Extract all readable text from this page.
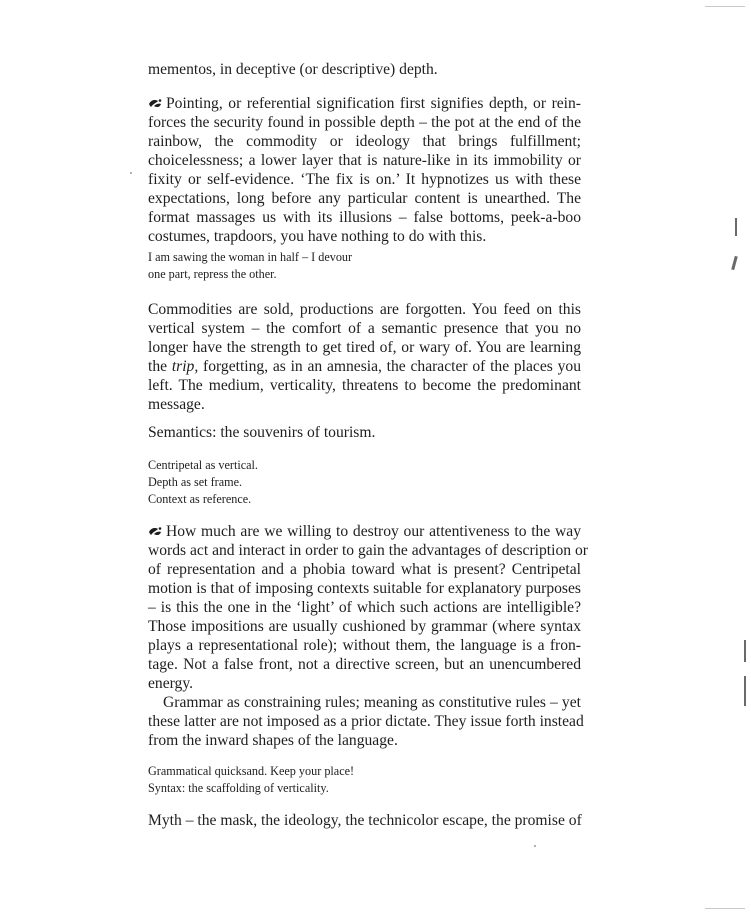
mementos, in deceptive (or descriptive) depth.
Pointing, or referential signification first signifies depth, or rein-
forces the security found in possible depth – the pot at the end of the
rainbow, the commodity or ideology that brings fulfillment;
choicelessness; a lower layer that is nature-like in its immobility or
fixity or self-evidence. ‘The fix is on.’ It hypnotizes us with these
expectations, long before any particular content is unearthed. The
format massages us with its illusions – false bottoms, peek-a-boo
costumes, trapdoors, you have nothing to do with this.
I am sawing the woman in half – I devour
one part, repress the other.
Commodities are sold, productions are forgotten. You feed on this
vertical system – the comfort of a semantic presence that you no
longer have the strength to get tired of, or wary of. You are learning
the trip, forgetting, as in an amnesia, the character of the places you
left. The medium, verticality, threatens to become the predominant
message.
Semantics: the souvenirs of tourism.
Centripetal as vertical.
Depth as set frame.
Context as reference.
How much are we willing to destroy our attentiveness to the way
words act and interact in order to gain the advantages of description or
of representation and a phobia toward what is present? Centripetal
motion is that of imposing contexts suitable for explanatory purposes
– is this the one in the ‘light’ of which such actions are intelligible?
Those impositions are usually cushioned by grammar (where syntax
plays a representational role); without them, the language is a fron-
tage. Not a false front, not a directive screen, but an unencumbered
energy.
Grammar as constraining rules; meaning as constitutive rules – yet
these latter are not imposed as a prior dictate. They issue forth instead
from the inward shapes of the language.
Grammatical quicksand. Keep your place!
Syntax: the scaffolding of verticality.
Myth – the mask, the ideology, the technicolor escape, the promise of
